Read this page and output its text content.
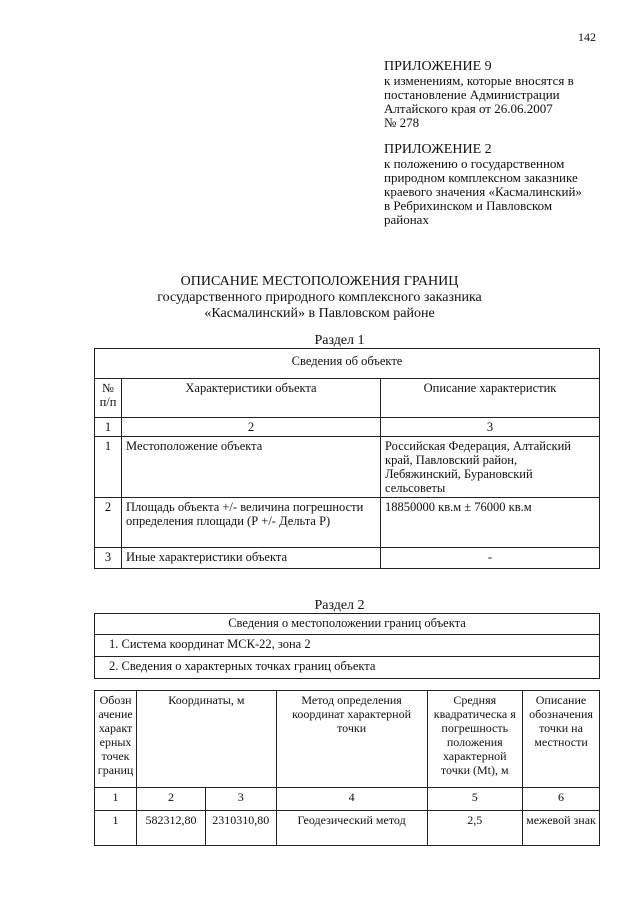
142
ПРИЛОЖЕНИЕ 9
к изменениям, которые вносятся в
постановление Администрации
Алтайского края от 26.06.2007
№ 278
ПРИЛОЖЕНИЕ 2
к положению о государственном
природном комплексном заказнике
краевого значения «Касмалинский»
в Ребрихинском и Павловском
районах
ОПИСАНИЕ МЕСТОПОЛОЖЕНИЯ ГРАНИЦ
государственного природного комплексного заказника
«Касмалинский» в Павловском районе
Раздел 1
Сведения об объекте		
№ п/п	Характеристики объекта	Описание характеристик
1	2	3
1	Местоположение объекта	Российская Федерация, Алтайский край, Павловский район, Лебяжинский, Бурановский сельсоветы
2	Площадь объекта +/- величина погрешности определения площади (Р +/- Дельта Р)	18850000 кв.м ± 76000 кв.м
3	Иные характеристики объекта	-
Раздел 2
Сведения о местоположении границ объекта
1. Система координат МСК-22, зона 2
2. Сведения о характерных точках границ объекта
Обозн ачение характ ерных точек границ	Координаты, м		Метод определения координат характерной точки	Средняя квадратическа я погрешность положения характерной точки (Mt), м	Описание обозначения точки на местности
1	2	3	4	5	6
1	582312,80	2310310,80	Геодезический метод	2,5	межевой знак
